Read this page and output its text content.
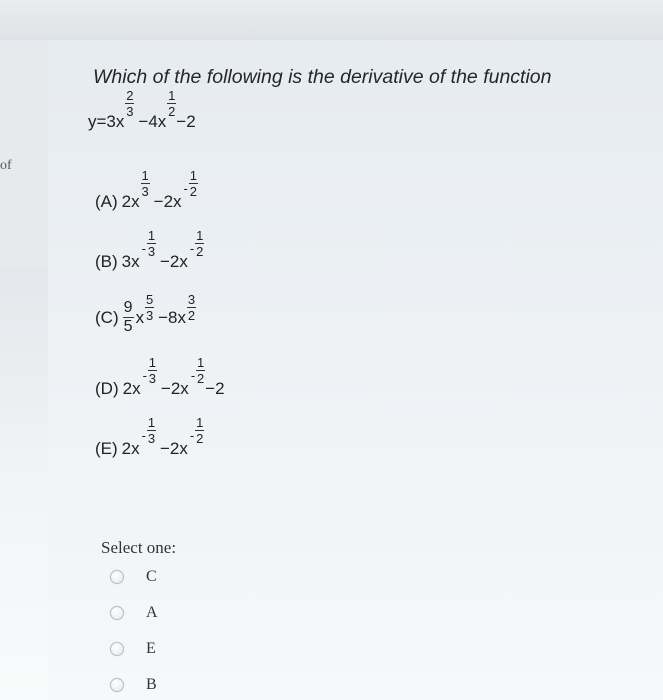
of
Which of the following is the derivative of the function
y=3x
$\frac{2}{3}$
−4x
$\frac{1}{2}$
−2
(A) 2x
$\frac{1}{3}$
−2x
- $\frac{1}{2}$
(B) 3x
- $\frac{1}{3}$
−2x
- $\frac{1}{2}$
$(C) \frac{9}{5}$ x $\frac{5}{3} -8x \frac{3}{2}$
(D) 2x
- $\frac{1}{3}$
−2x
- $\frac{1}{2}$
−2
(E) 2x
- $\frac{1}{3}$
−2x
- $\frac{1}{2}$
Select one:
C
A
E
B
